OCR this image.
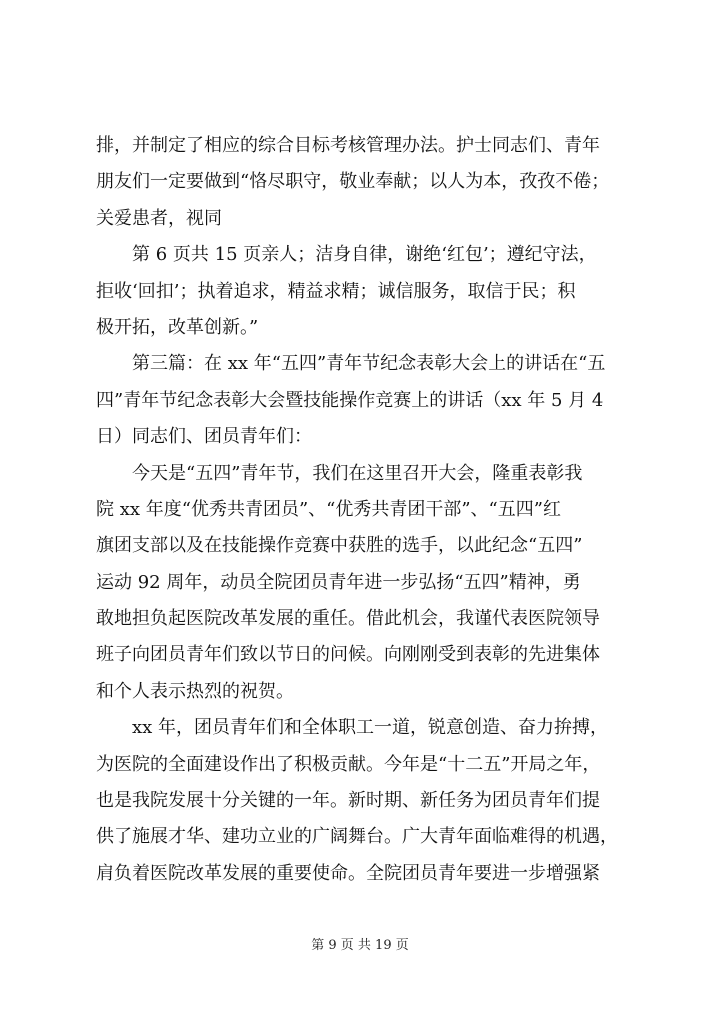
排，并制定了相应的综合目标考核管理办法。护士同志们、青年
朋友们一定要做到“恪尽职守，敬业奉献；以人为本，孜孜不倦；
关爱患者，视同
第 6 页共 15 页亲人；洁身自律，谢绝‘红包’；遵纪守法，
拒收‘回扣’；执着追求，精益求精；诚信服务，取信于民；积
极开拓，改革创新。”
第三篇：在 xx 年“五四”青年节纪念表彰大会上的讲话在“五
四”青年节纪念表彰大会暨技能操作竞赛上的讲话（xx 年 5 月 4
日）同志们、团员青年们：
今天是“五四”青年节，我们在这里召开大会，隆重表彰我
院 xx 年度“优秀共青团员”、“优秀共青团干部”、“五四”红
旗团支部以及在技能操作竞赛中获胜的选手，以此纪念“五四”
运动 92 周年，动员全院团员青年进一步弘扬“五四”精神，勇
敢地担负起医院改革发展的重任。借此机会，我谨代表医院领导
班子向团员青年们致以节日的问候。向刚刚受到表彰的先进集体
和个人表示热烈的祝贺。
xx 年，团员青年们和全体职工一道，锐意创造、奋力拚搏，
为医院的全面建设作出了积极贡献。今年是“十二五”开局之年，
也是我院发展十分关键的一年。新时期、新任务为团员青年们提
供了施展才华、建功立业的广阔舞台。广大青年面临难得的机遇，
肩负着医院改革发展的重要使命。全院团员青年要进一步增强紧
第 9 页 共 19 页
